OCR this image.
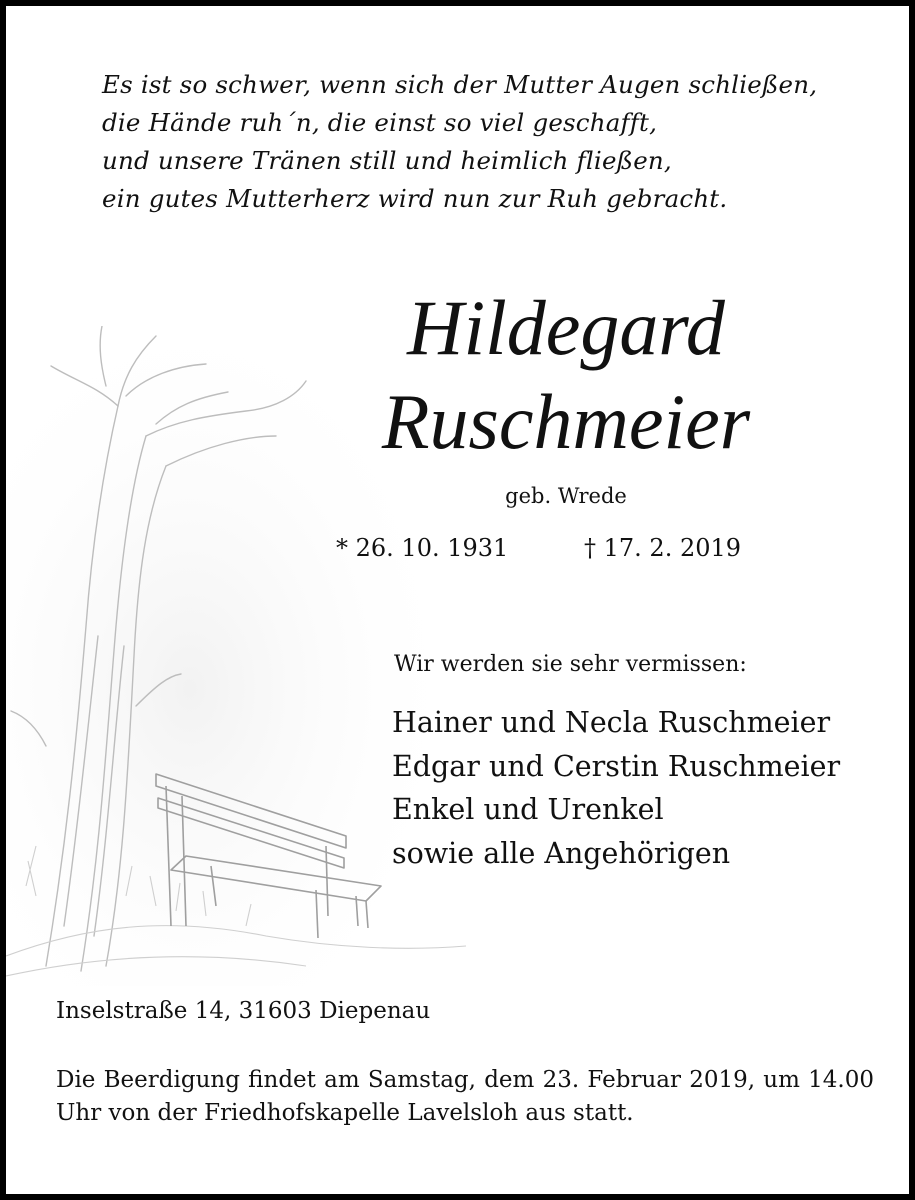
Es ist so schwer, wenn sich der Mutter Augen schließen,
die Hände ruh´n, die einst so viel geschafft,
und unsere Tränen still und heimlich fließen,
ein gutes Mutterherz wird nun zur Ruh gebracht.
Hildegard
Ruschmeier
geb. Wrede
* 26. 10. 1931	† 17. 2. 2019
Wir werden sie sehr vermissen:
Hainer und Necla Ruschmeier
Edgar und Cerstin Ruschmeier
Enkel und Urenkel
sowie alle Angehörigen
Inselstraße 14, 31603 Diepenau
Die Beerdigung findet am Samstag, dem 23. Februar 2019, um 14.00 Uhr von der Friedhofskapelle Lavelsloh aus statt.
